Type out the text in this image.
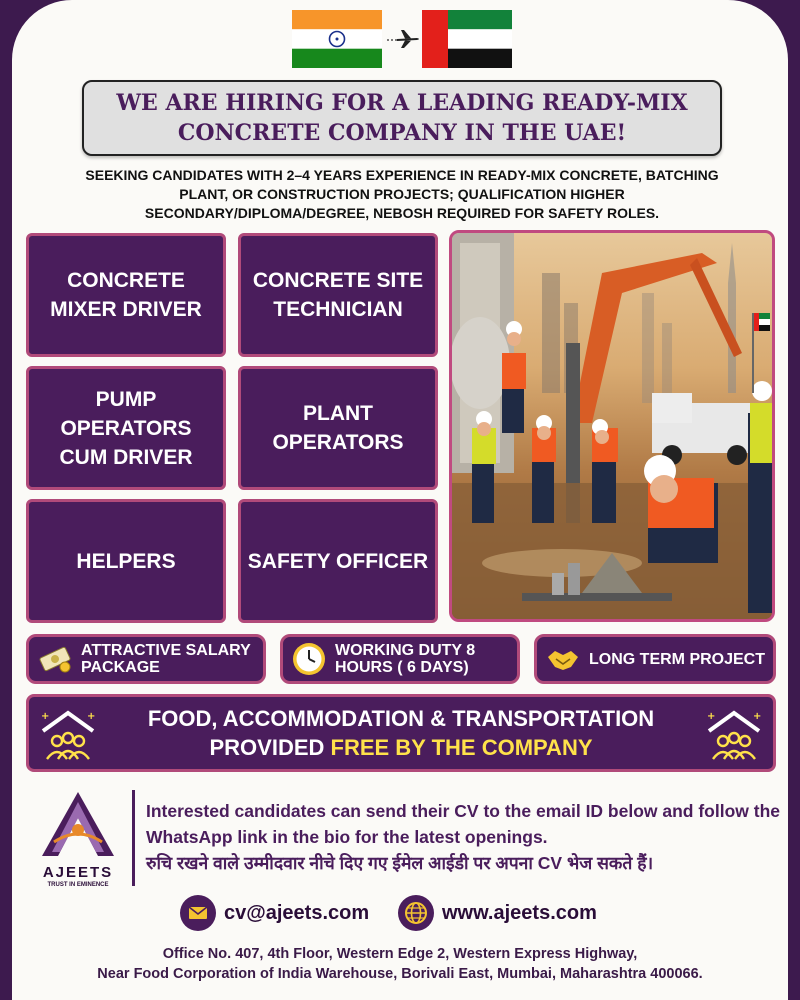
WE ARE HIRING FOR A LEADING READY-MIX CONCRETE COMPANY IN THE UAE!
SEEKING CANDIDATES WITH 2–4 YEARS EXPERIENCE IN READY-MIX CONCRETE, BATCHING PLANT, OR CONSTRUCTION PROJECTS; QUALIFICATION HIGHER SECONDARY/DIPLOMA/DEGREE, NEBOSH REQUIRED FOR SAFETY ROLES.
CONCRETE MIXER DRIVER
CONCRETE SITE TECHNICIAN
PUMP OPERATORS CUM DRIVER
PLANT OPERATORS
HELPERS	SAFETY OFFICER
ATTRACTIVE SALARY PACKAGE
WORKING DUTY 8 HOURS ( 6 DAYS)	LONG TERM PROJECT
+	+ FOOD, ACCOMMODATION & TRANSPORTATION
PROVIDED FREE BY THE COMPANY
+	+
AJEETS
TRUST IN EMINENCE
Interested candidates can send their CV to the email ID below and follow the WhatsApp link in the bio for the latest openings.
रुचि रखने वाले उम्मीदवार नीचे दिए गए ईमेल आईडी पर अपना CV भेज सकते हैं।
cv@ajeets.com	www.ajeets.com
Office No. 407, 4th Floor, Western Edge 2, Western Express Highway,
Near Food Corporation of India Warehouse, Borivali East, Mumbai, Maharashtra 400066.
